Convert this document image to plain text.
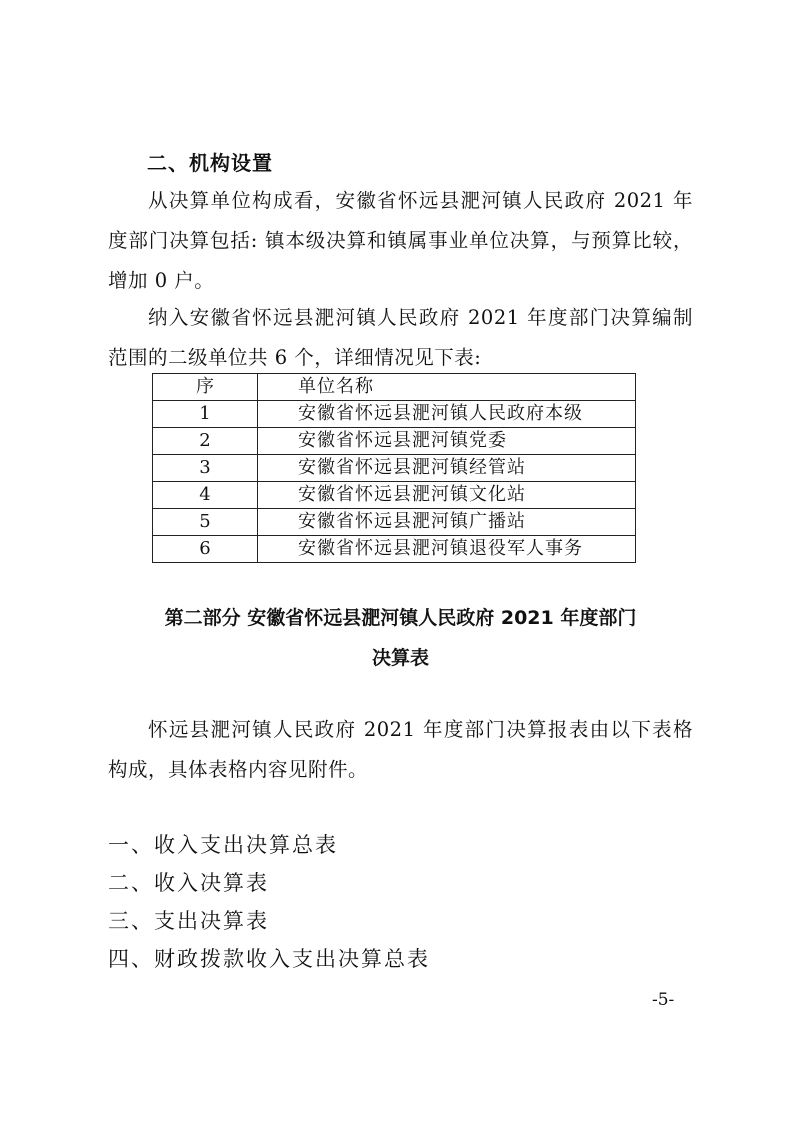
二、机构设置
从决算单位构成看，安徽省怀远县淝河镇人民政府 2021 年度部门决算包括: 镇本级决算和镇属事业单位决算，与预算比较，增加 0 户。
纳入安徽省怀远县淝河镇人民政府 2021 年度部门决算编制范围的二级单位共 6 个，详细情况见下表:
序	单位名称
1	安徽省怀远县淝河镇人民政府本级
2	安徽省怀远县淝河镇党委
3	安徽省怀远县淝河镇经管站
4	安徽省怀远县淝河镇文化站
5	安徽省怀远县淝河镇广播站
6	安徽省怀远县淝河镇退役军人事务
第二部分 安徽省怀远县淝河镇人民政府 2021 年度部门
决算表
怀远县淝河镇人民政府 2021 年度部门决算报表由以下表格构成，具体表格内容见附件。
一、收入支出决算总表
二、收入决算表
三、支出决算表
四、财政拨款收入支出决算总表
-5-
